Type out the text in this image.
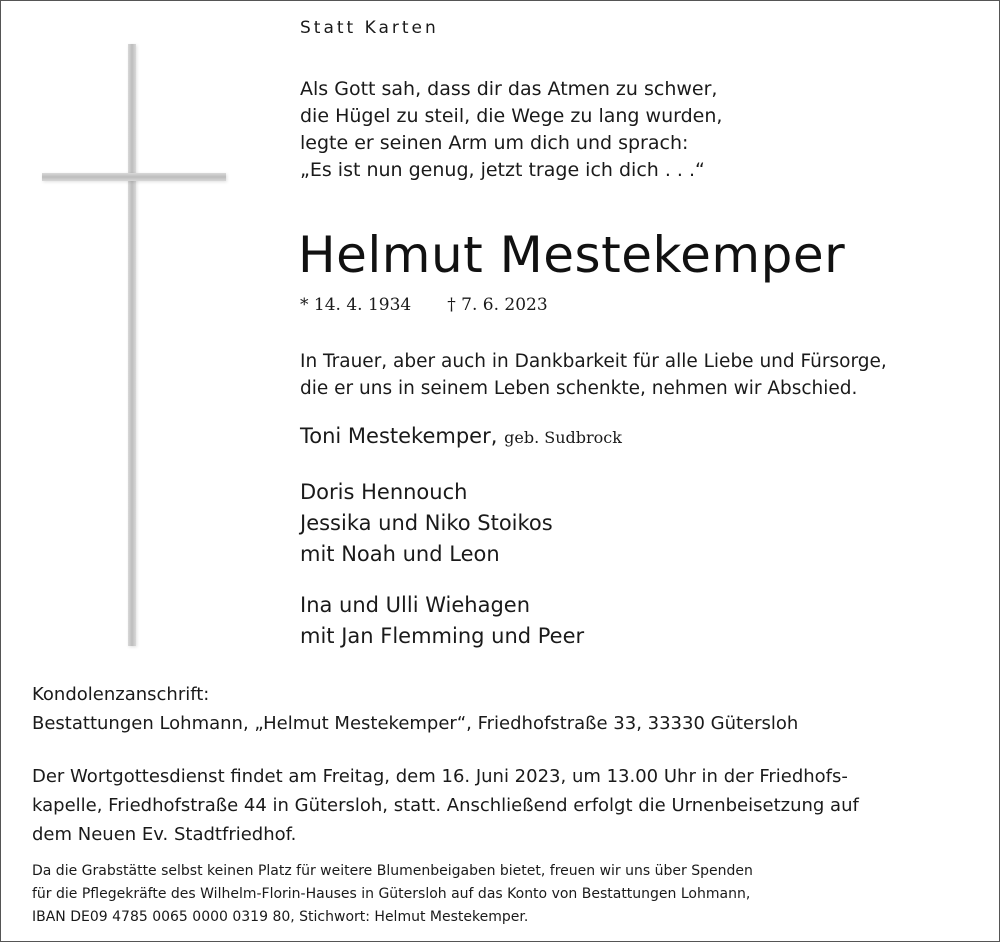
Statt Karten
Als Gott sah, dass dir das Atmen zu schwer,
die Hügel zu steil, die Wege zu lang wurden,
legte er seinen Arm um dich und sprach:
„Es ist nun genug, jetzt trage ich dich . . .“
Helmut Mestekemper
* 14. 4. 1934 † 7. 6. 2023
In Trauer, aber auch in Dankbarkeit für alle Liebe und Fürsorge,
die er uns in seinem Leben schenkte, nehmen wir Abschied.
Toni Mestekemper, geb. Sudbrock
Doris Hennouch
Jessika und Niko Stoikos
mit Noah und Leon
Ina und Ulli Wiehagen
mit Jan Flemming und Peer
Kondolenzanschrift:
Bestattungen Lohmann, „Helmut Mestekemper“, Friedhofstraße 33, 33330 Gütersloh
Der Wortgottesdienst findet am Freitag, dem 16. Juni 2023, um 13.00 Uhr in der Friedhofs-
kapelle, Friedhofstraße 44 in Gütersloh, statt. Anschließend erfolgt die Urnenbeisetzung auf
dem Neuen Ev. Stadtfriedhof.
Da die Grabstätte selbst keinen Platz für weitere Blumenbeigaben bietet, freuen wir uns über Spenden
für die Pflegekräfte des Wilhelm-Florin-Hauses in Gütersloh auf das Konto von Bestattungen Lohmann,
IBAN DE09 4785 0065 0000 0319 80, Stichwort: Helmut Mestekemper.
